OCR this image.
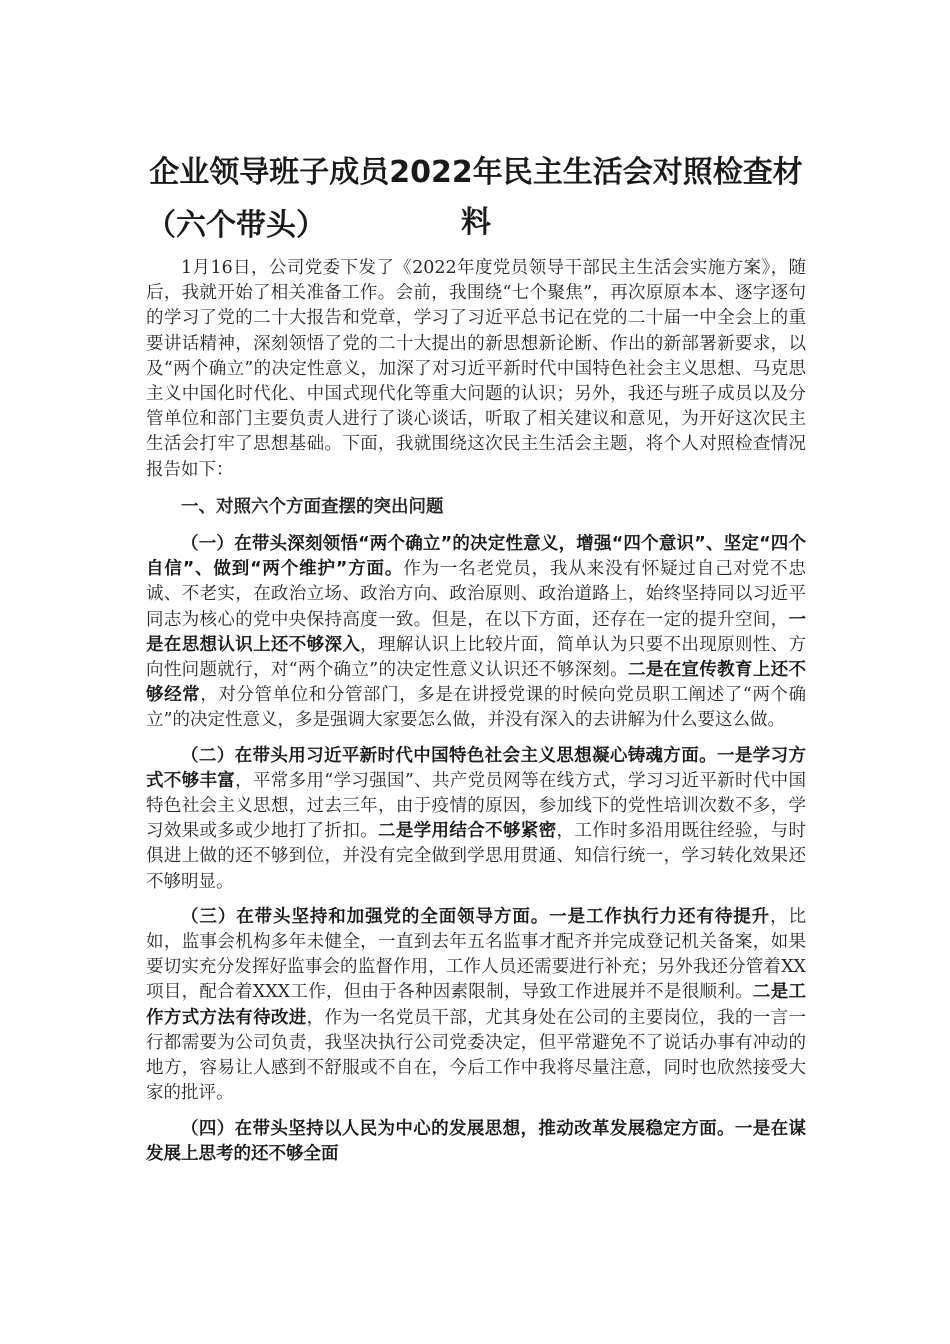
企业领导班子成员2022年民主生活会对照检查材料
（六个带头）

1月16日，公司党委下发了《2022年度党员领导干部民主生活会实施方案》，随后，我就开始了相关准备工作。会前，我围绕“七个聚焦”，再次原原本本、逐字逐句的学习了党的二十大报告和党章，学习了习近平总书记在党的二十届一中全会上的重要讲话精神，深刻领悟了党的二十大提出的新思想新论断、作出的新部署新要求，以及“两个确立”的决定性意义，加深了对习近平新时代中国特色社会主义思想、马克思主义中国化时代化、中国式现代化等重大问题的认识；另外，我还与班子成员以及分管单位和部门主要负责人进行了谈心谈话，听取了相关建议和意见，为开好这次民主生活会打牢了思想基础。下面，我就围绕这次民主生活会主题，将个人对照检查情况报告如下：

一、对照六个方面查摆的突出问题

（一）在带头深刻领悟“两个确立”的决定性意义，增强“四个意识”、坚定“四个自信”、做到“两个维护”方面。作为一名老党员，我从来没有怀疑过自己对党不忠诚、不老实，在政治立场、政治方向、政治原则、政治道路上，始终坚持同以习近平同志为核心的党中央保持高度一致。但是，在以下方面，还存在一定的提升空间，一是在思想认识上还不够深入，理解认识上比较片面，简单认为只要不出现原则性、方向性问题就行，对“两个确立”的决定性意义认识还不够深刻。二是在宣传教育上还不够经常，对分管单位和分管部门，多是在讲授党课的时候向党员职工阐述了“两个确立”的决定性意义，多是强调大家要怎么做，并没有深入的去讲解为什么要这么做。

（二）在带头用习近平新时代中国特色社会主义思想凝心铸魂方面。一是学习方式不够丰富，平常多用“学习强国”、共产党员网等在线方式，学习习近平新时代中国特色社会主义思想，过去三年，由于疫情的原因，参加线下的党性培训次数不多，学习效果或多或少地打了折扣。二是学用结合不够紧密，工作时多沿用既往经验，与时俱进上做的还不够到位，并没有完全做到学思用贯通、知信行统一，学习转化效果还不够明显。

（三）在带头坚持和加强党的全面领导方面。一是工作执行力还有待提升，比如，监事会机构多年未健全，一直到去年五名监事才配齐并完成登记机关备案，如果要切实充分发挥好监事会的监督作用，工作人员还需要进行补充；另外我还分管着XX项目，配合着XXX工作，但由于各种因素限制，导致工作进展并不是很顺利。二是工作方式方法有待改进，作为一名党员干部，尤其身处在公司的主要岗位，我的一言一行都需要为公司负责，我坚决执行公司党委决定，但平常避免不了说话办事有冲动的地方，容易让人感到不舒服或不自在，今后工作中我将尽量注意，同时也欣然接受大家的批评。

（四）在带头坚持以人民为中心的发展思想，推动改革发展稳定方面。一是在谋发展上思考的还不够全面
